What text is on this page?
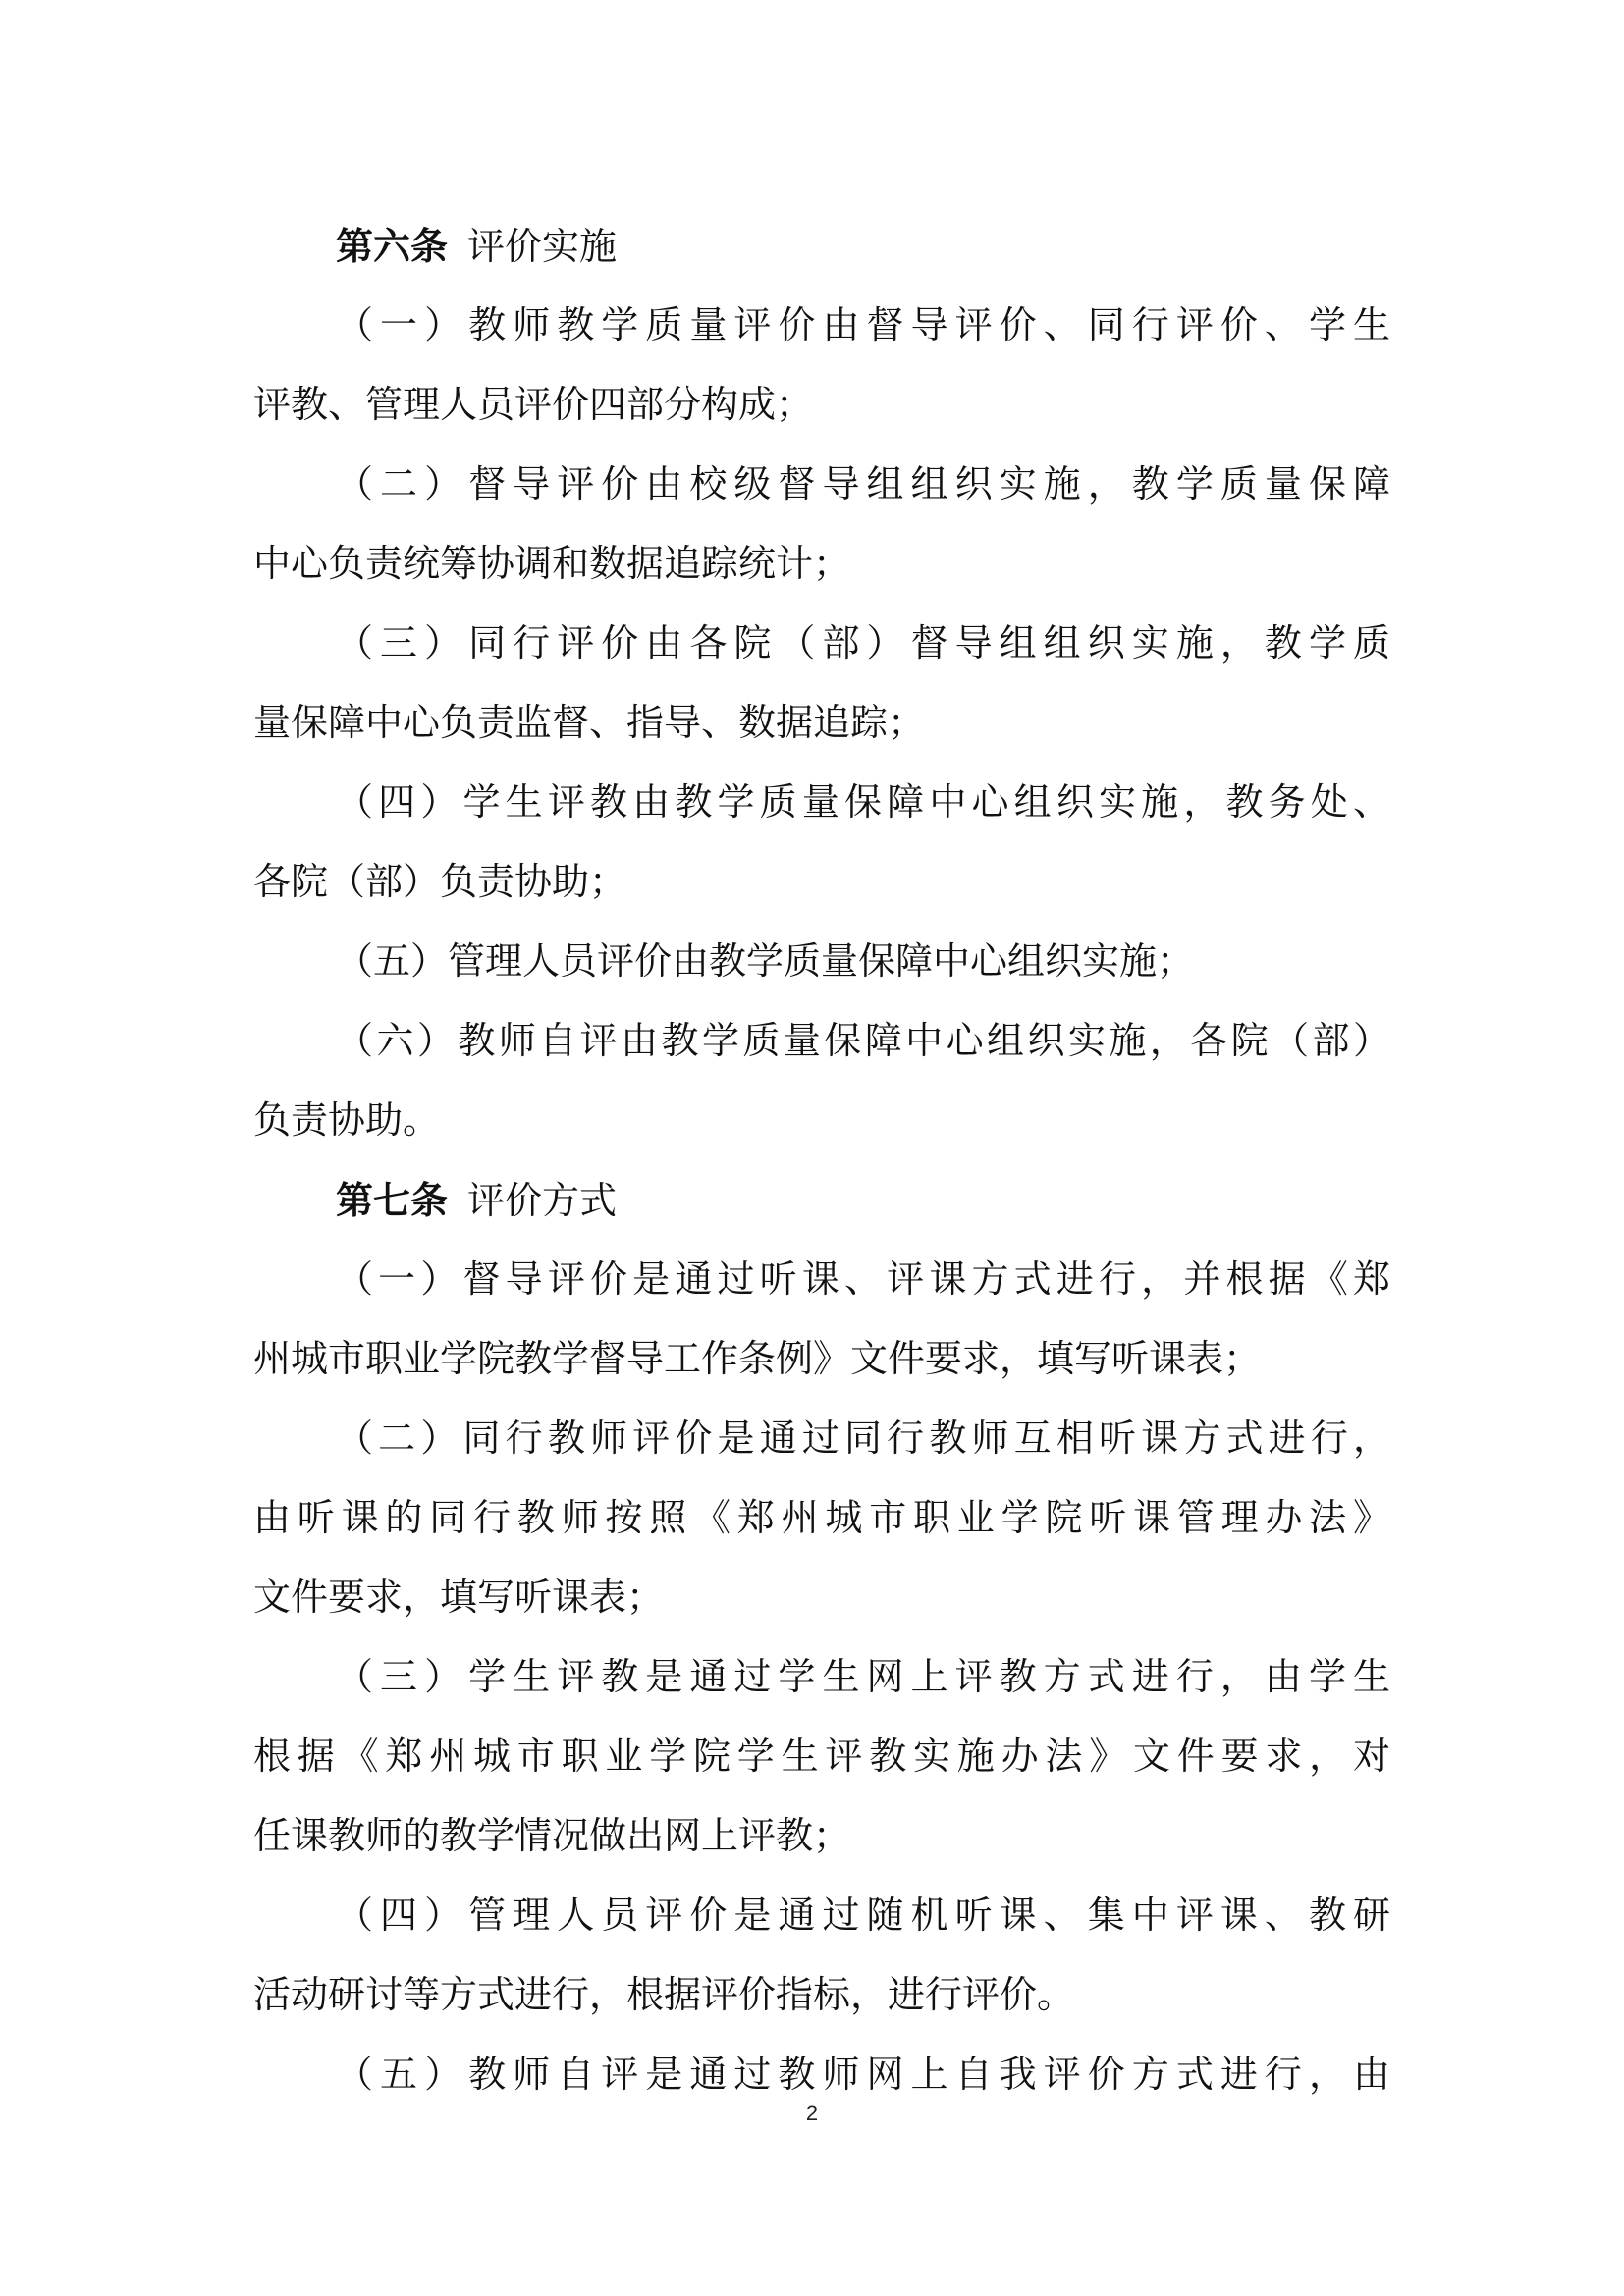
第六条 评价实施
（一）教师教学质量评价由督导评价、同行评价、学生
评教、管理人员评价四部分构成；
（二）督导评价由校级督导组组织实施，教学质量保障
中心负责统筹协调和数据追踪统计；
（三）同行评价由各院（部）督导组组织实施，教学质
量保障中心负责监督、指导、数据追踪；
（四）学生评教由教学质量保障中心组织实施，教务处、
各院（部）负责协助；
（五）管理人员评价由教学质量保障中心组织实施；
（六）教师自评由教学质量保障中心组织实施，各院（部）
负责协助。
第七条 评价方式
（一）督导评价是通过听课、评课方式进行，并根据《郑
州城市职业学院教学督导工作条例》文件要求，填写听课表；
（二）同行教师评价是通过同行教师互相听课方式进行，
由听课的同行教师按照《郑州城市职业学院听课管理办法》
文件要求，填写听课表；
（三）学生评教是通过学生网上评教方式进行，由学生
根据《郑州城市职业学院学生评教实施办法》文件要求，对
任课教师的教学情况做出网上评教；
（四）管理人员评价是通过随机听课、集中评课、教研
活动研讨等方式进行，根据评价指标，进行评价。
（五）教师自评是通过教师网上自我评价方式进行，由
2
